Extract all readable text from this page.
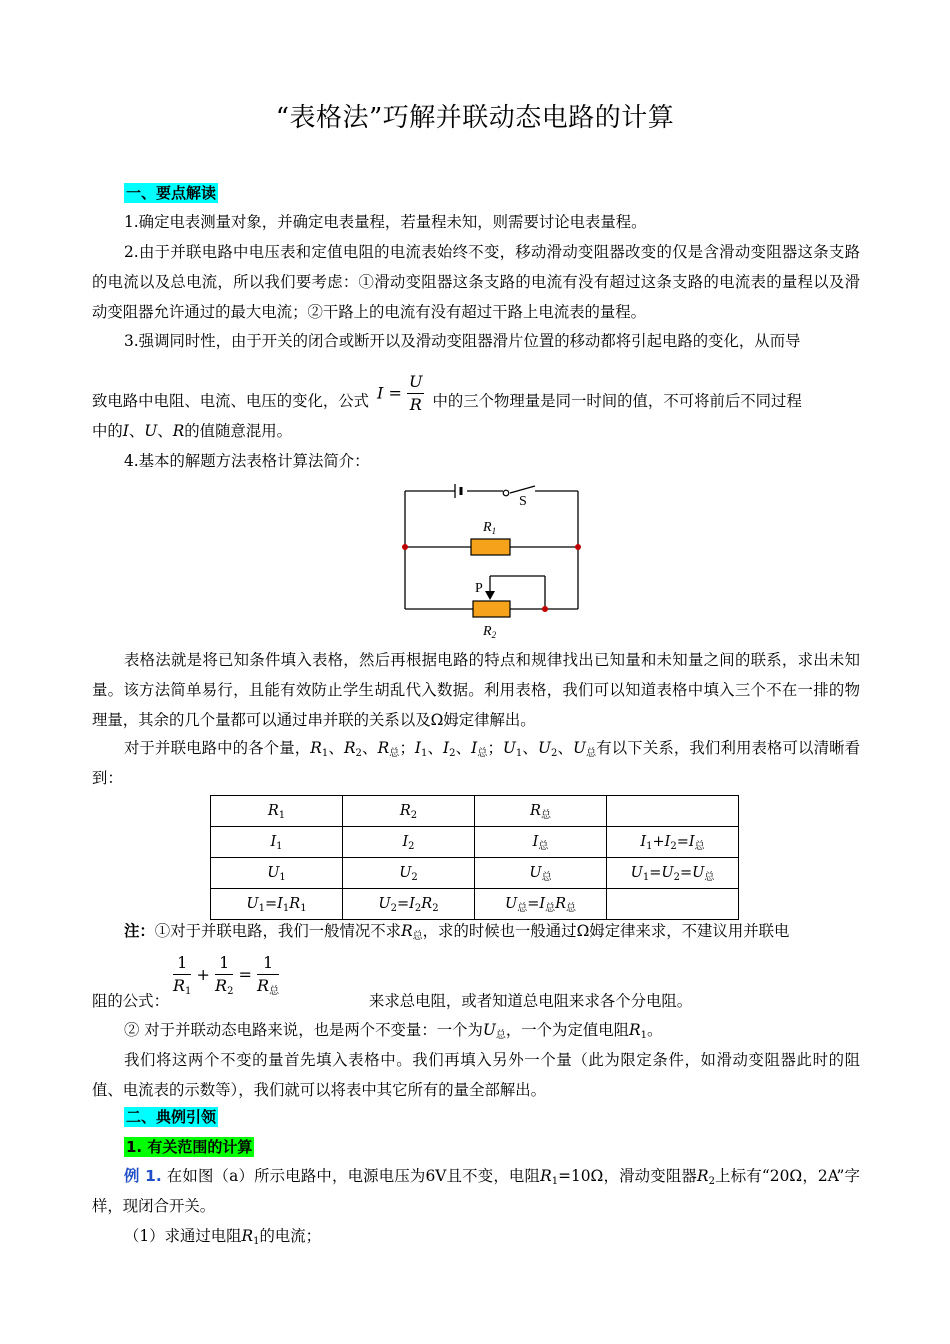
“表格法”巧解并联动态电路的计算
一、要点解读
1.确定电表测量对象，并确定电表量程，若量程未知，则需要讨论电表量程。
2.由于并联电路中电压表和定值电阻的电流表始终不变，移动滑动变阻器改变的仅是含滑动变阻器这条支路的电流以及总电流，所以我们要考虑：①滑动变阻器这条支路的电流有没有超过这条支路的电流表的量程以及滑动变阻器允许通过的最大电流；②干路上的电流有没有超过干路上电流表的量程。
3.强调同时性，由于开关的闭合或断开以及滑动变阻器滑片位置的移动都将引起电路的变化，从而导
致电路中电阻、电流、电压的变化，公式 $I = \frac{U}{R}$ 中的三个物理量是同一时间的值，不可将前后不同过程
中的I、U、R的值随意混用。
4.基本的解题方法表格计算法简介：
S
$R_1$
P
$R_2$
表格法就是将已知条件填入表格，然后再根据电路的特点和规律找出已知量和未知量之间的联系，求出未知量。该方法简单易行，且能有效防止学生胡乱代入数据。利用表格，我们可以知道表格中填入三个不在一排的物理量，其余的几个量都可以通过串并联的关系以及Ω姆定律解出。
对于并联电路中的各个量，$R_1$、$R_2$、$R_总$；$I_1$、$I_2$、$I_总$；$U_1$、$U_2$、$U_总$有以下关系，我们利用表格可以清晰看到：
$R_1$	$R_2$	$R_总$	
$I_1$	$I_2$	$I_总$	$I_1+I_2=I_总$
$U_1$	$U_2$	$U_总$	$U_1=U_2=U_总$
$U_1=I_1R_1$	$U_2=I_2R_2$	$U_总=I_总R_总$	
注：①对于并联电路，我们一般情况不求$R_总$，求的时候也一般通过Ω姆定律来求，不建议用并联电
$\frac{1}{R_1} + \frac{1}{R_2} = \frac{1}{R_总}$
阻的公式：	来求总电阻，或者知道总电阻来求各个分电阻。
② 对于并联动态电路来说，也是两个不变量：一个为$U_总$，一个为定值电阻$R_1$。
我们将这两个不变的量首先填入表格中。我们再填入另外一个量（此为限定条件，如滑动变阻器此时的阻值、电流表的示数等），我们就可以将表中其它所有的量全部解出。
二、典例引领
1. 有关范围的计算
例 1. 在如图（a）所示电路中，电源电压为6V且不变，电阻$R_1=10\Omega$，滑动变阻器$R_2$上标有“20Ω，2A”字样，现闭合开关。
（1）求通过电阻$R_1$的电流；
